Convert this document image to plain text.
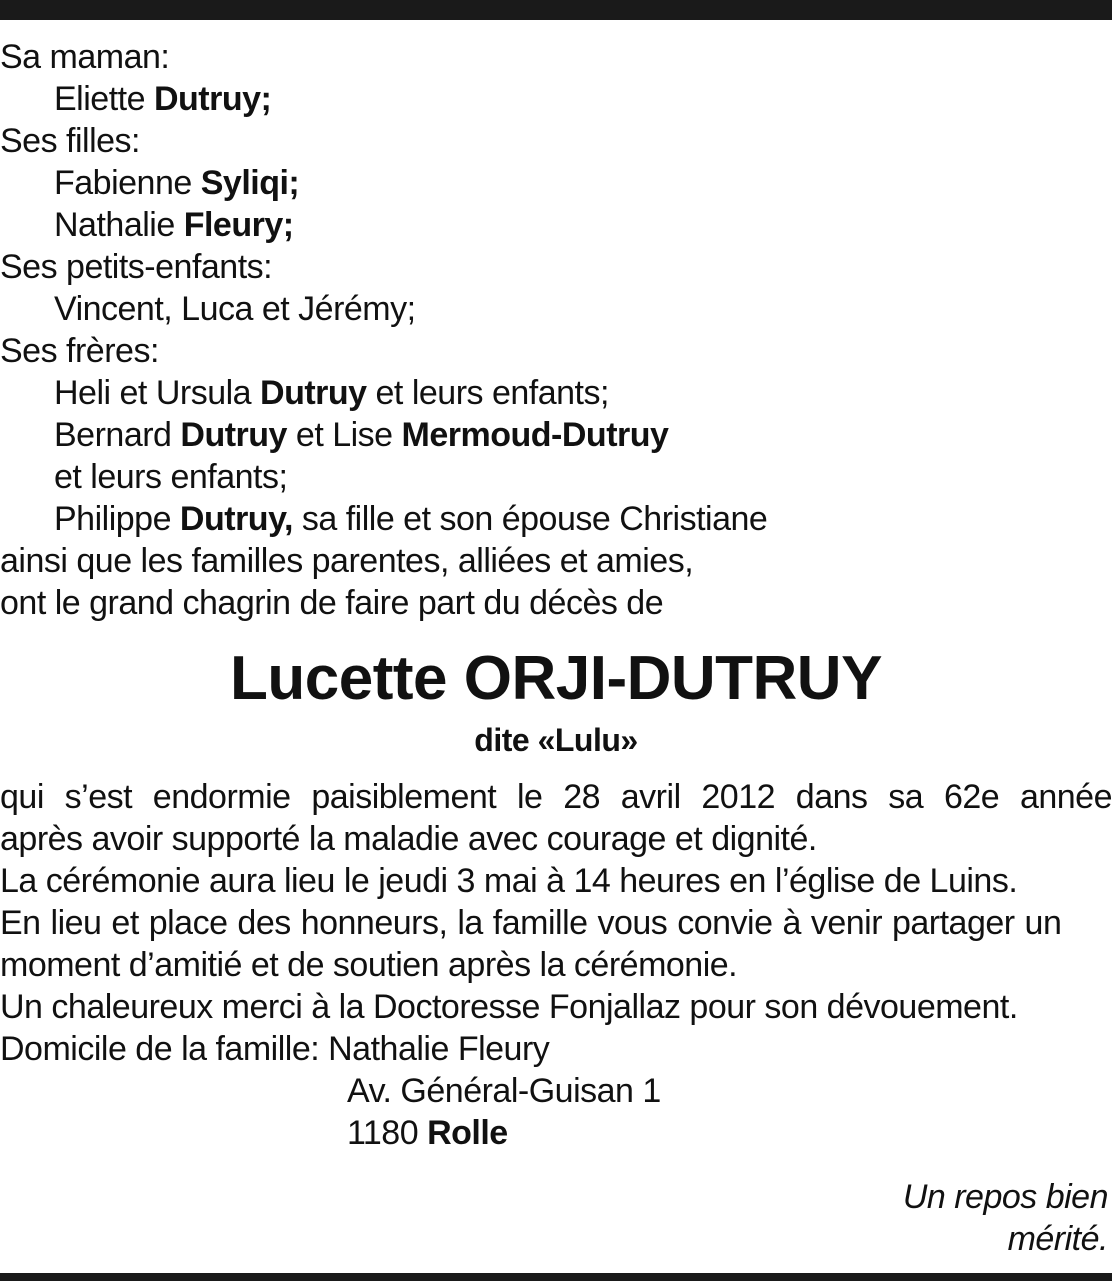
Sa maman:
Eliette Dutruy;
Ses filles:
Fabienne Syliqi;
Nathalie Fleury;
Ses petits-enfants:
Vincent, Luca et Jérémy;
Ses frères:
Heli et Ursula Dutruy et leurs enfants;
Bernard Dutruy et Lise Mermoud-Dutruy
et leurs enfants;
Philippe Dutruy, sa fille et son épouse Christiane
ainsi que les familles parentes, alliées et amies,
ont le grand chagrin de faire part du décès de
Lucette ORJI-DUTRUY
dite «Lulu»
qui s’est endormie paisiblement le 28 avril 2012 dans sa 62e année
après avoir supporté la maladie avec courage et dignité.
La cérémonie aura lieu le jeudi 3 mai à 14 heures en l’église de Luins.
En lieu et place des honneurs, la famille vous convie à venir partager un
moment d’amitié et de soutien après la cérémonie.
Un chaleureux merci à la Doctoresse Fonjallaz pour son dévouement.
Domicile de la famille: Nathalie Fleury
Av. Général-Guisan 1
1180 Rolle
Un repos bien
mérité.
